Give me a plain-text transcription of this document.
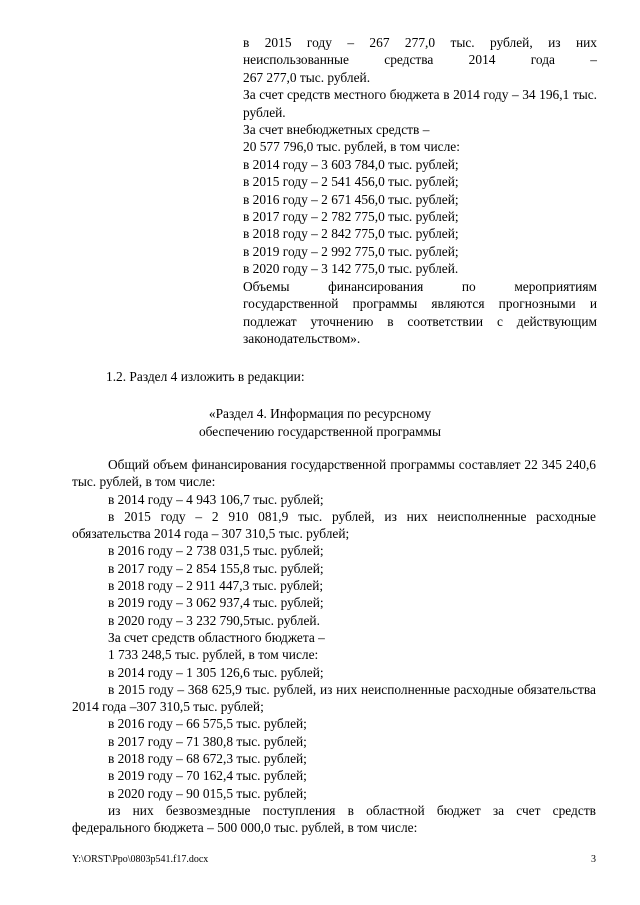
в 2015 году – 267 277,0 тыс. рублей, из них
неиспользованные	средства	2014	года	–
267 277,0 тыс. рублей.
За счет средств местного бюджета в 2014 году – 34 196,1 тыс. рублей.
За счет внебюджетных средств –
20 577 796,0 тыс. рублей, в том числе:
в 2014 году – 3 603 784,0 тыс. рублей;
в 2015 году – 2 541 456,0 тыс. рублей;
в 2016 году – 2 671 456,0 тыс. рублей;
в 2017 году – 2 782 775,0 тыс. рублей;
в 2018 году – 2 842 775,0 тыс. рублей;
в 2019 году – 2 992 775,0 тыс. рублей;
в 2020 году – 3 142 775,0 тыс. рублей.
Объемы	финансирования	по	мероприятиям
государственной программы являются прогнозными и подлежат уточнению в соответствии с действующим законодательством».
1.2. Раздел 4 изложить в редакции:
«Раздел 4. Информация по ресурсному
обеспечению государственной программы
Общий объем финансирования государственной программы составляет 22 345 240,6 тыс. рублей, в том числе:
в 2014 году – 4 943 106,7 тыс. рублей;
в 2015 году – 2 910 081,9 тыс. рублей, из них неисполненные расходные обязательства 2014 года – 307 310,5 тыс. рублей;
в 2016 году – 2 738 031,5 тыс. рублей;
в 2017 году – 2 854 155,8 тыс. рублей;
в 2018 году – 2 911 447,3 тыс. рублей;
в 2019 году – 3 062 937,4 тыс. рублей;
в 2020 году – 3 232 790,5тыс. рублей.
За счет средств областного бюджета –
1 733 248,5 тыс. рублей, в том числе:
в 2014 году – 1 305 126,6 тыс. рублей;
в 2015 году – 368 625,9 тыс. рублей, из них неисполненные расходные обязательства 2014 года –307 310,5 тыс. рублей;
в 2016 году – 66 575,5 тыс. рублей;
в 2017 году – 71 380,8 тыс. рублей;
в 2018 году – 68 672,3 тыс. рублей;
в 2019 году – 70 162,4 тыс. рублей;
в 2020 году – 90 015,5 тыс. рублей;
из них безвозмездные поступления в областной бюджет за счет средств федерального бюджета – 500 000,0 тыс. рублей, в том числе:
Y:\ORST\Ppo\0803p541.f17.docx	3
